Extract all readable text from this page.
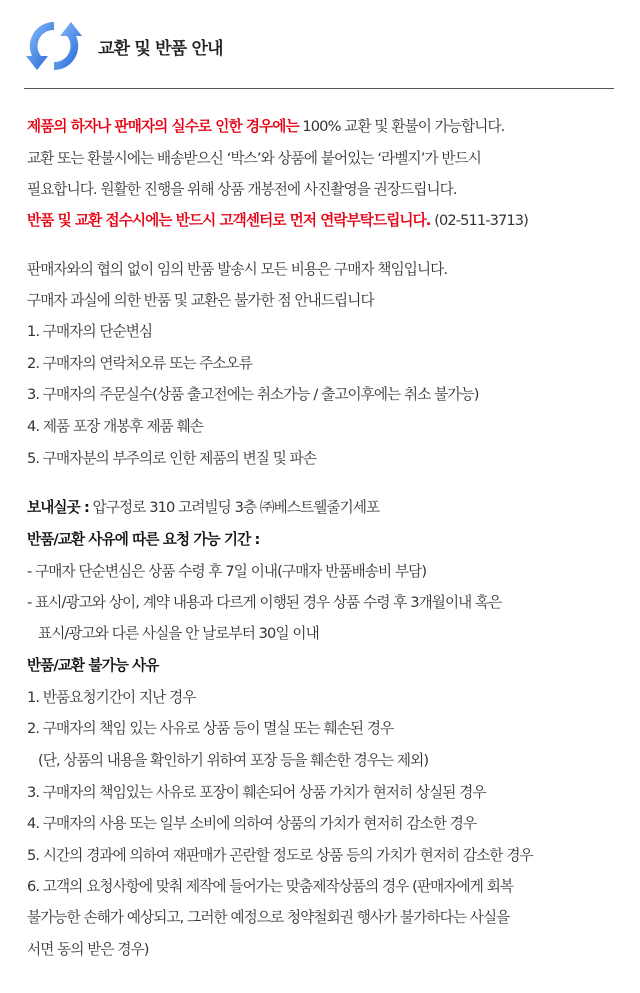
교환 및 반품 안내
제품의 하자나 판매자의 실수로 인한 경우에는 100% 교환 및 환불이 가능합니다.
교환 또는 환불시에는 배송받으신 ‘박스’와 상품에 붙어있는 ‘라벨지’가 반드시
필요합니다. 원활한 진행을 위해 상품 개봉전에 사진촬영을 권장드립니다.
반품 및 교환 접수시에는 반드시 고객센터로 먼저 연락부탁드립니다. (02-511-3713)
판매자와의 협의 없이 임의 반품 발송시 모든 비용은 구매자 책임입니다.
구매자 과실에 의한 반품 및 교환은 불가한 점 안내드립니다
1. 구매자의 단순변심
2. 구매자의 연락처오류 또는 주소오류
3. 구매자의 주문실수(상품 출고전에는 취소가능 / 출고이후에는 취소 불가능)
4. 제품 포장 개봉후 제품 훼손
5. 구매자분의 부주의로 인한 제품의 변질 및 파손
보내실곳 : 압구정로 310 고려빌딩 3층 ㈜베스트웰줄기세포
반품/교환 사유에 따른 요청 가능 기간 :
- 구매자 단순변심은 상품 수령 후 7일 이내(구매자 반품배송비 부담)
- 표시/광고와 상이, 계약 내용과 다르게 이행된 경우 상품 수령 후 3개월이내 혹은
표시/광고와 다른 사실을 안 날로부터 30일 이내
반품/교환 불가능 사유
1. 반품요청기간이 지난 경우
2. 구매자의 책임 있는 사유로 상품 등이 멸실 또는 훼손된 경우
(단, 상품의 내용을 확인하기 위하여 포장 등을 훼손한 경우는 제외)
3. 구매자의 책임있는 사유로 포장이 훼손되어 상품 가치가 현저히 상실된 경우
4. 구매자의 사용 또는 일부 소비에 의하여 상품의 가치가 현저히 감소한 경우
5. 시간의 경과에 의하여 재판매가 곤란할 정도로 상품 등의 가치가 현저히 감소한 경우
6. 고객의 요청사항에 맞춰 제작에 들어가는 맞춤제작상품의 경우 (판매자에게 회복
불가능한 손해가 예상되고, 그러한 예정으로 청약철회권 행사가 불가하다는 사실을
서면 동의 받은 경우)
